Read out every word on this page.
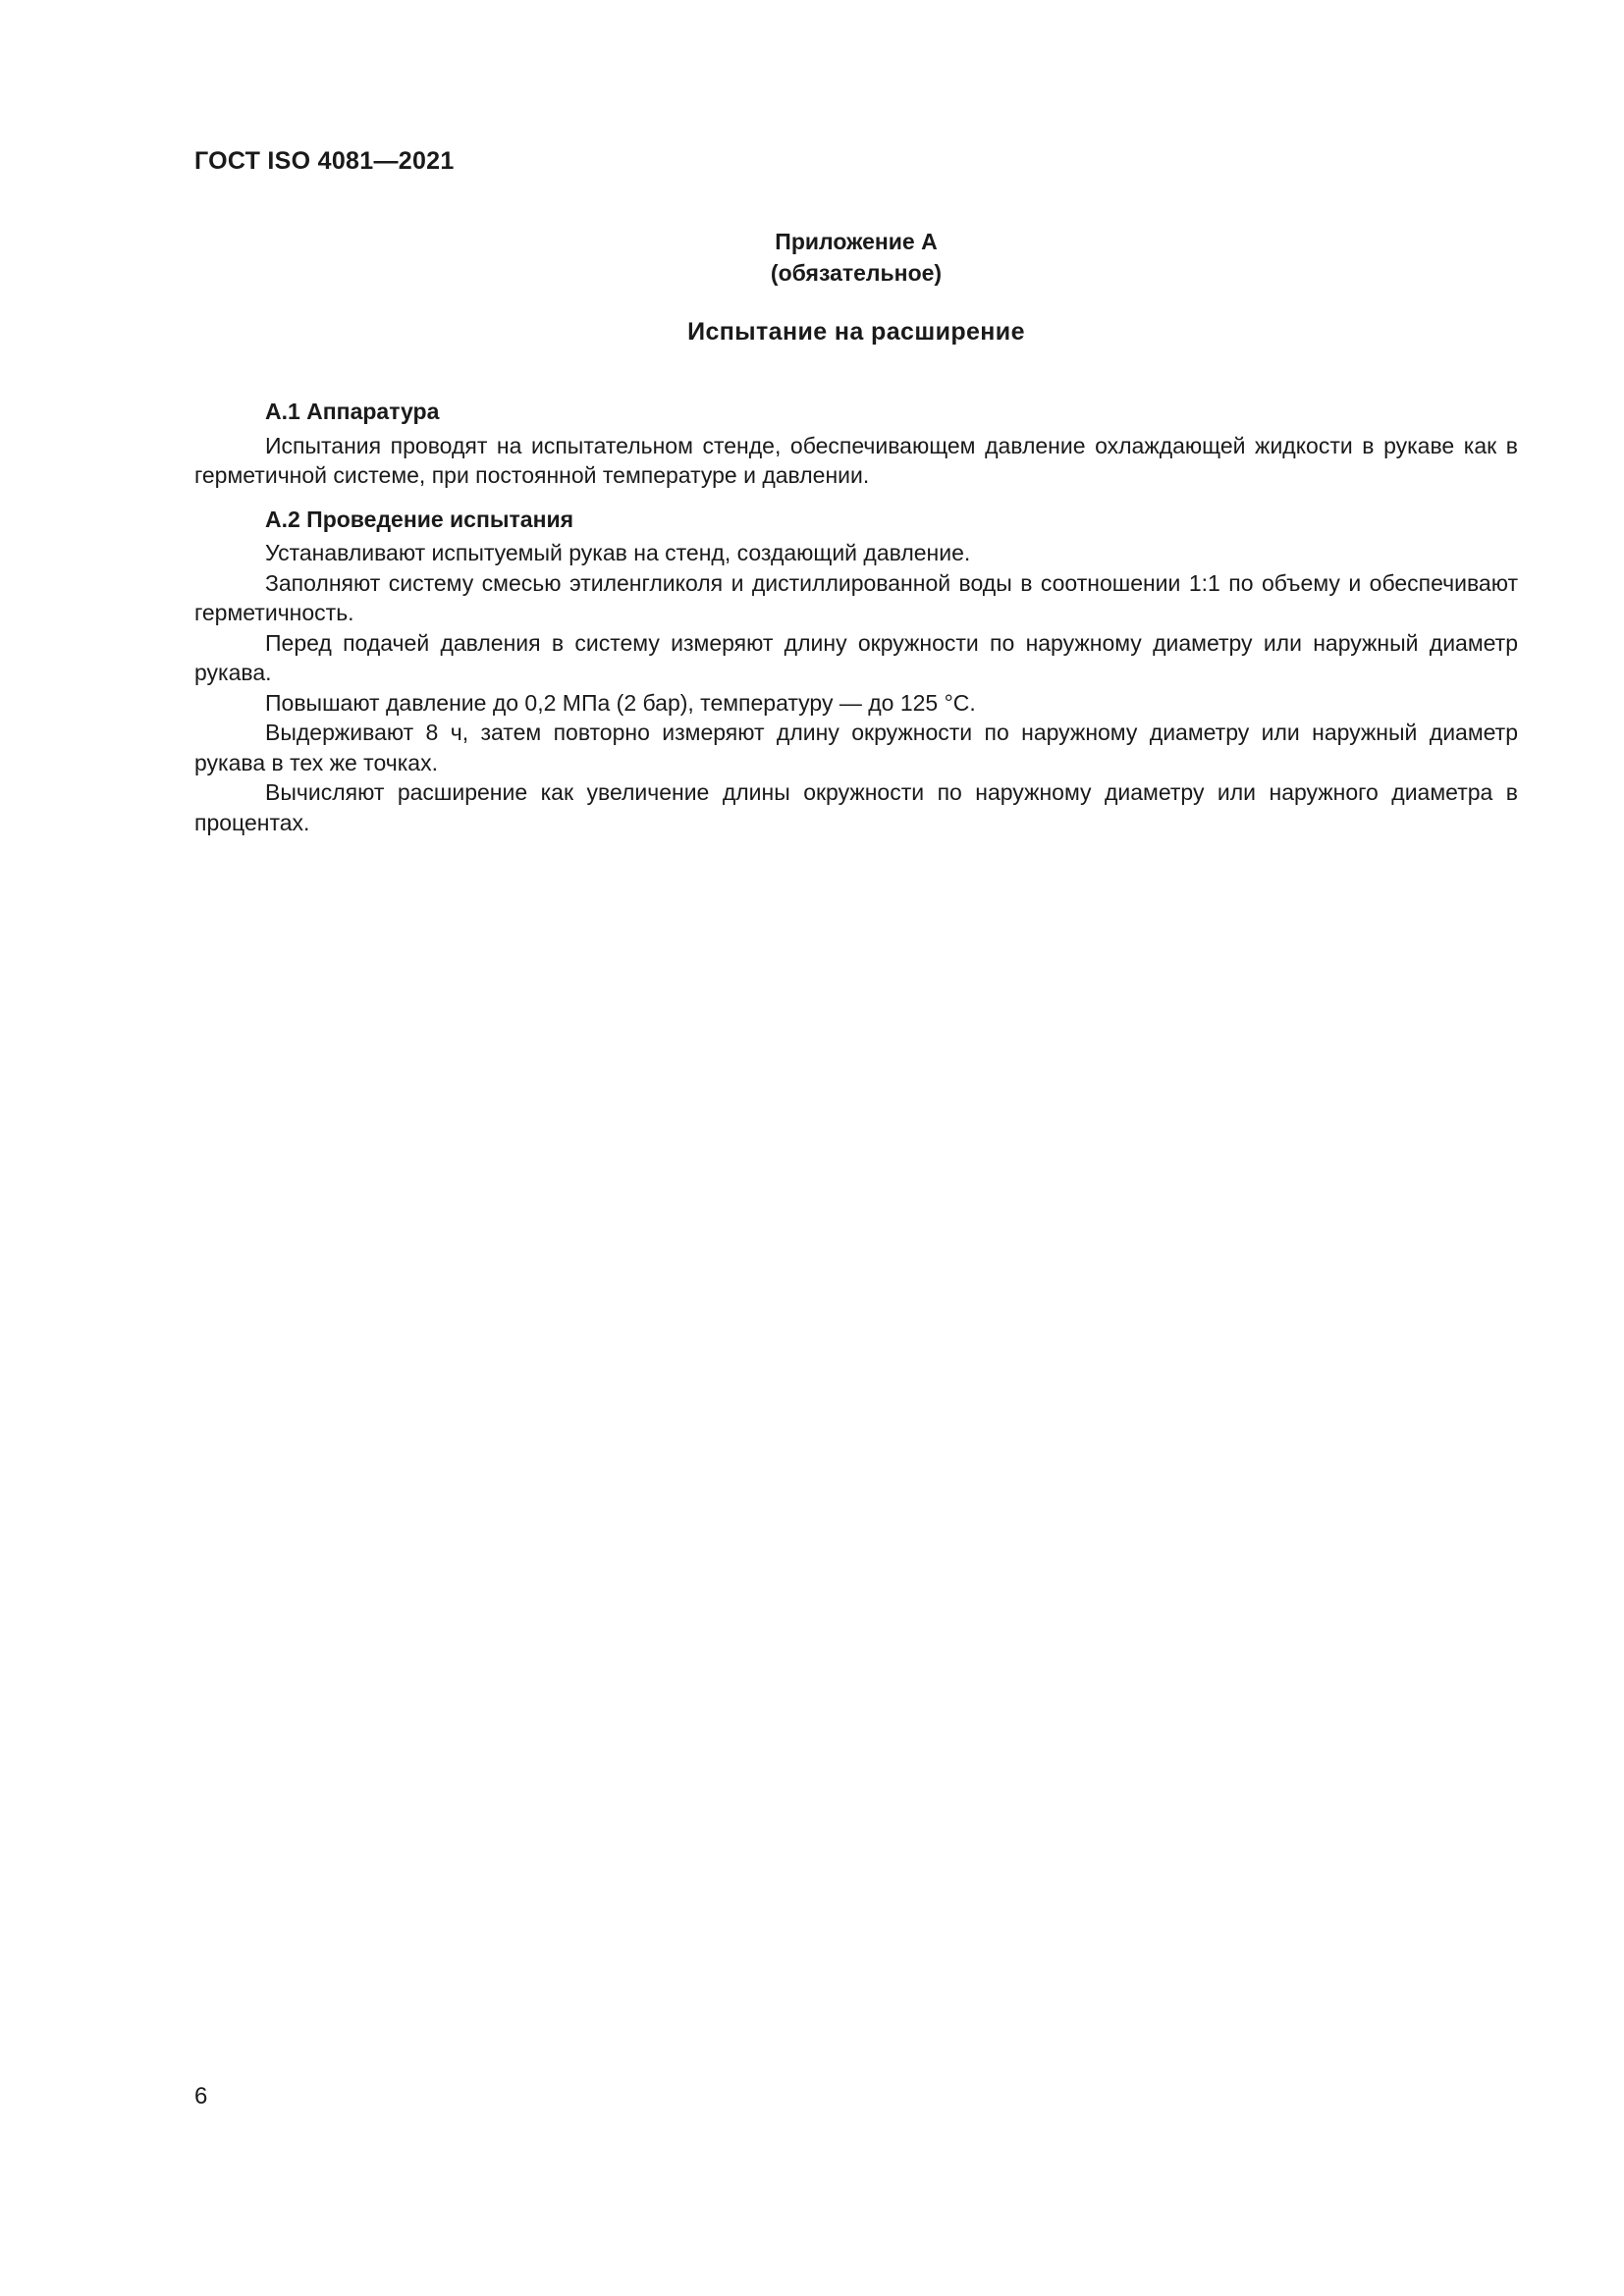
ГОСТ ISO 4081—2021
Приложение А
(обязательное)
Испытание на расширение
А.1 Аппаратура

Испытания проводят на испытательном стенде, обеспечивающем давление охлаждающей жидкости в рукаве как в герметичной системе, при постоянной температуре и давлении.

А.2 Проведение испытания

Устанавливают испытуемый рукав на стенд, создающий давление.

Заполняют систему смесью этиленгликоля и дистиллированной воды в соотношении 1:1 по объему и обеспечивают герметичность.

Перед подачей давления в систему измеряют длину окружности по наружному диаметру или наружный диаметр рукава.

Повышают давление до 0,2 МПа (2 бар), температуру — до 125 °С.

Выдерживают 8 ч, затем повторно измеряют длину окружности по наружному диаметру или наружный диаметр рукава в тех же точках.

Вычисляют расширение как увеличение длины окружности по наружному диаметру или наружного диаметра в процентах.

6
